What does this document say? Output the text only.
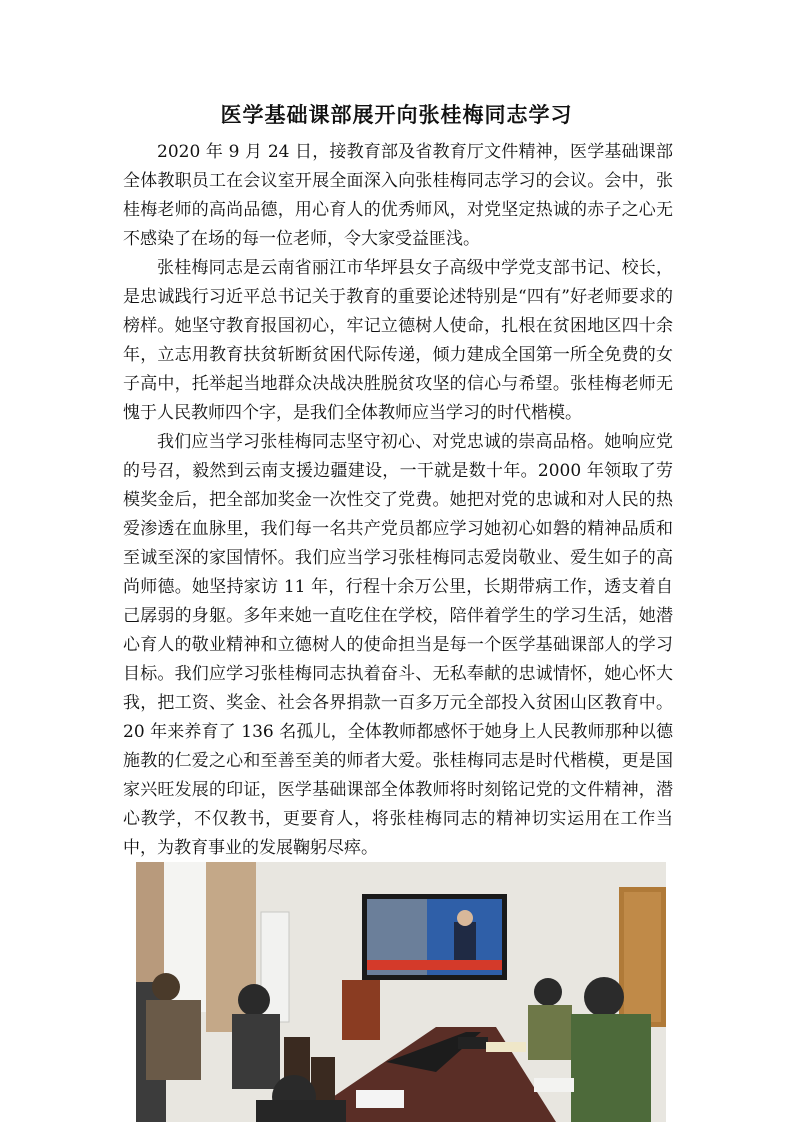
医学基础课部展开向张桂梅同志学习

2020 年 9 月 24 日，接教育部及省教育厅文件精神，医学基础课部全体教职员工在会议室开展全面深入向张桂梅同志学习的会议。会中，张桂梅老师的高尚品德，用心育人的优秀师风，对党坚定热诚的赤子之心无不感染了在场的每一位老师，令大家受益匪浅。

张桂梅同志是云南省丽江市华坪县女子高级中学党支部书记、校长，是忠诚践行习近平总书记关于教育的重要论述特别是“四有”好老师要求的榜样。她坚守教育报国初心，牢记立德树人使命，扎根在贫困地区四十余年，立志用教育扶贫斩断贫困代际传递，倾力建成全国第一所全免费的女子高中，托举起当地群众决战决胜脱贫攻坚的信心与希望。张桂梅老师无愧于人民教师四个字，是我们全体教师应当学习的时代楷模。

我们应当学习张桂梅同志坚守初心、对党忠诚的崇高品格。她响应党的号召，毅然到云南支援边疆建设，一干就是数十年。2000 年领取了劳模奖金后，把全部加奖金一次性交了党费。她把对党的忠诚和对人民的热爱渗透在血脉里，我们每一名共产党员都应学习她初心如磐的精神品质和至诚至深的家国情怀。我们应当学习张桂梅同志爱岗敬业、爱生如子的高尚师德。她坚持家访 11 年，行程十余万公里，长期带病工作，透支着自己孱弱的身躯。多年来她一直吃住在学校，陪伴着学生的学习生活，她潜心育人的敬业精神和立德树人的使命担当是每一个医学基础课部人的学习目标。我们应学习张桂梅同志执着奋斗、无私奉献的忠诚情怀，她心怀大我，把工资、奖金、社会各界捐款一百多万元全部投入贫困山区教育中。20 年来养育了 136 名孤儿，全体教师都感怀于她身上人民教师那种以德施教的仁爱之心和至善至美的师者大爱。张桂梅同志是时代楷模，更是国家兴旺发展的印证，医学基础课部全体教师将时刻铭记党的文件精神，潜心教学，不仅教书，更要育人，将张桂梅同志的精神切实运用在工作当中，为教育事业的发展鞠躬尽瘁。
